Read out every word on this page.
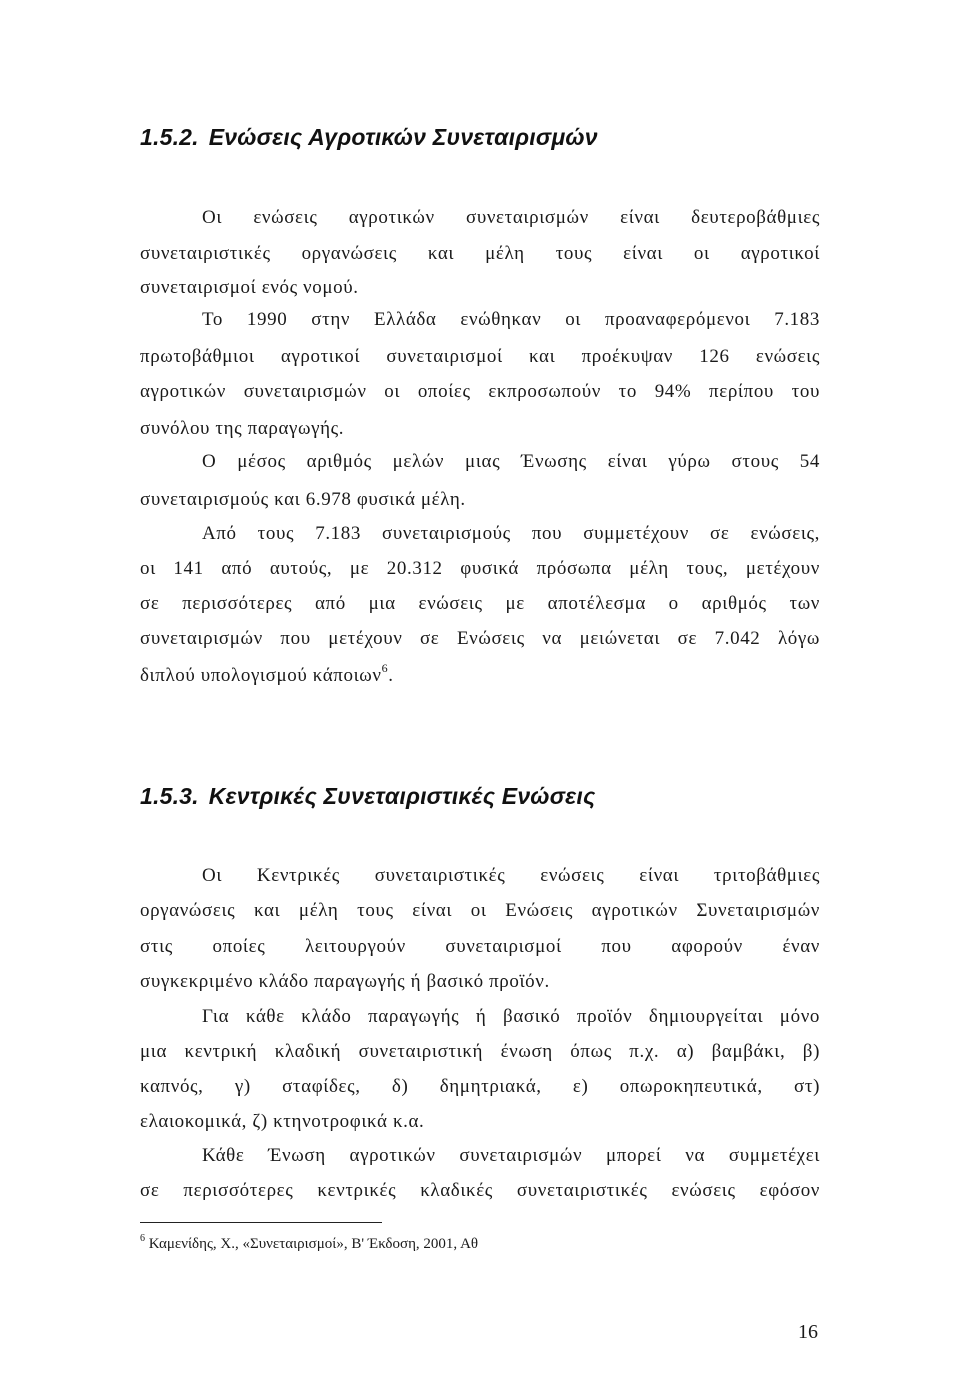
1.5.2. Ενώσεις Αγροτικών Συνεταιρισμών
Οι ενώσεις αγροτικών συνεταιρισμών είναι δευτεροβάθμιες
συνεταιριστικές οργανώσεις και μέλη τους είναι οι αγροτικοί
συνεταιρισμοί ενός νομού.
Το 1990 στην Ελλάδα ενώθηκαν οι προαναφερόμενοι 7.183
πρωτοβάθμιοι αγροτικοί συνεταιρισμοί και προέκυψαν 126 ενώσεις
αγροτικών συνεταιρισμών οι οποίες εκπροσωπούν το 94% περίπου του
συνόλου της παραγωγής.
Ο μέσος αριθμός μελών μιας Ένωσης είναι γύρω στους 54
συνεταιρισμούς και 6.978 φυσικά μέλη.
Από τους 7.183 συνεταιρισμούς που συμμετέχουν σε ενώσεις,
οι 141 από αυτούς, με 20.312 φυσικά πρόσωπα μέλη τους, μετέχουν
σε περισσότερες από μια ενώσεις με αποτέλεσμα ο αριθμός των
συνεταιρισμών που μετέχουν σε Ενώσεις να μειώνεται σε 7.042 λόγω
διπλού υπολογισμού κάποιων$^6$.
1.5.3. Κεντρικές Συνεταιριστικές Ενώσεις
Οι Κεντρικές συνεταιριστικές ενώσεις είναι τριτοβάθμιες
οργανώσεις και μέλη τους είναι οι Ενώσεις αγροτικών Συνεταιρισμών
στις οποίες λειτουργούν συνεταιρισμοί που αφορούν έναν
συγκεκριμένο κλάδο παραγωγής ή βασικό προϊόν.
Για κάθε κλάδο παραγωγής ή βασικό προϊόν δημιουργείται μόνο
μια κεντρική κλαδική συνεταιριστική ένωση όπως π.χ. α) βαμβάκι, β)
καπνός, γ) σταφίδες, δ) δημητριακά, ε) οπωροκηπευτικά, στ)
ελαιοκομικά, ζ) κτηνοτροφικά κ.α.
Κάθε Ένωση αγροτικών συνεταιρισμών μπορεί να συμμετέχει
σε περισσότερες κεντρικές κλαδικές συνεταιριστικές ενώσεις εφόσον
$^6$ Καμενίδης, Χ., «Συνεταιρισμοί», Β' Έκδοση, 2001, Αθ
16
